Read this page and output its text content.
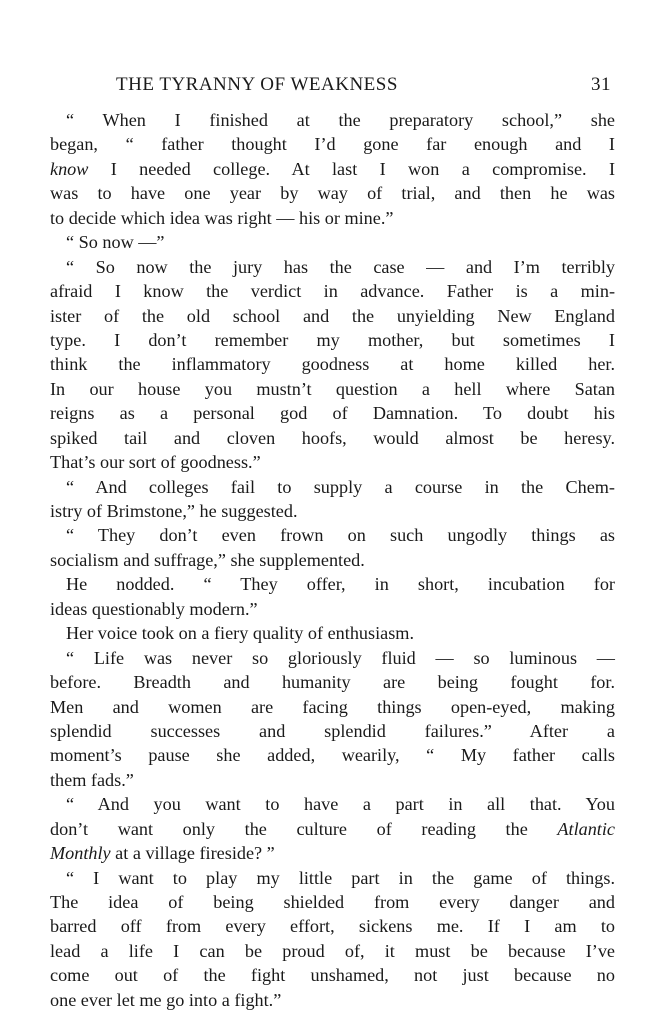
THE TYRANNY OF WEAKNESS	31
“ When I finished at the preparatory school,” she
began, “ father thought I’d gone far enough and I
know I needed college. At last I won a compromise. I
was to have one year by way of trial, and then he was
to decide which idea was right — his or mine.”
“ So now —”
“ So now the jury has the case — and I’m terribly
afraid I know the verdict in advance. Father is a min-
ister of the old school and the unyielding New England
type. I don’t remember my mother, but sometimes I
think the inflammatory goodness at home killed her.
In our house you mustn’t question a hell where Satan
reigns as a personal god of Damnation. To doubt his
spiked tail and cloven hoofs, would almost be heresy.
That’s our sort of goodness.”
“ And colleges fail to supply a course in the Chem-
istry of Brimstone,” he suggested.
“ They don’t even frown on such ungodly things as
socialism and suffrage,” she supplemented.
He nodded. “ They offer, in short, incubation for
ideas questionably modern.”
Her voice took on a fiery quality of enthusiasm.
“ Life was never so gloriously fluid — so luminous —
before. Breadth and humanity are being fought for.
Men and women are facing things open-eyed, making
splendid successes and splendid failures.” After a
moment’s pause she added, wearily, “ My father calls
them fads.”
“ And you want to have a part in all that. You
don’t want only the culture of reading the Atlantic
Monthly at a village fireside? ”
“ I want to play my little part in the game of things.
The idea of being shielded from every danger and
barred off from every effort, sickens me. If I am to
lead a life I can be proud of, it must be because I’ve
come out of the fight unshamed, not just because no
one ever let me go into a fight.”
